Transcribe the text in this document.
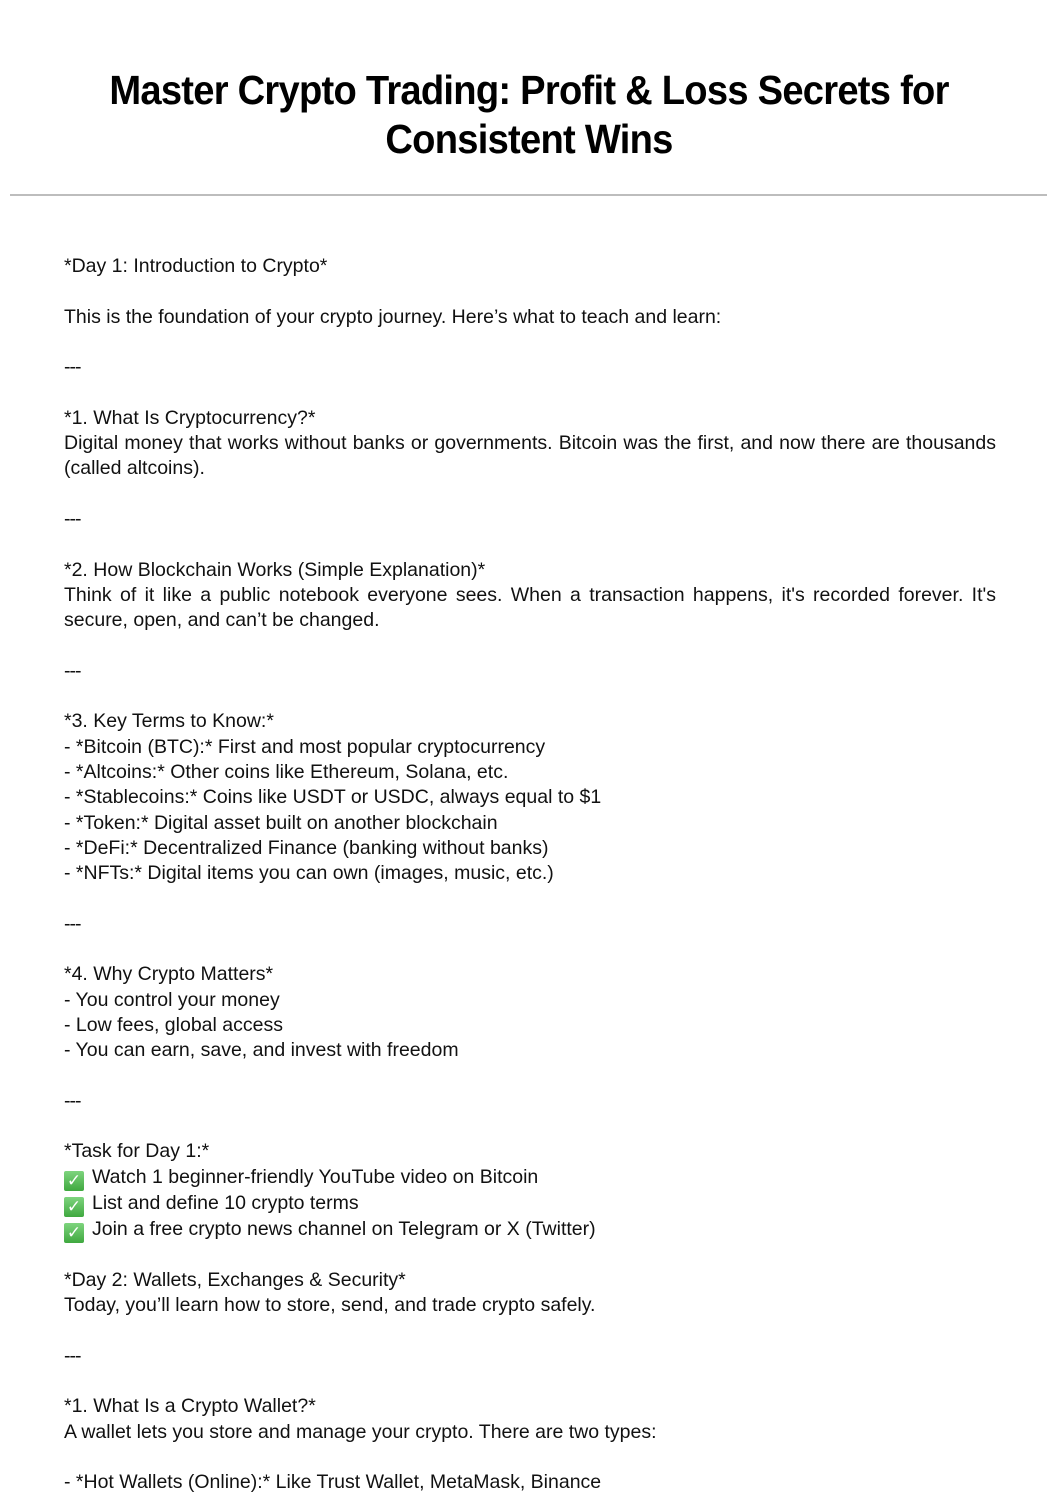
Master Crypto Trading: Profit & Loss Secrets for
Consistent Wins
*Day 1: Introduction to Crypto*
This is the foundation of your crypto journey. Here’s what to teach and learn:
---
*1. What Is Cryptocurrency?*
Digital money that works without banks or governments. Bitcoin was the first, and now there are thousands (called altcoins).
---
*2. How Blockchain Works (Simple Explanation)*
Think of it like a public notebook everyone sees. When a transaction happens, it's recorded forever. It's secure, open, and can’t be changed.
---
*3. Key Terms to Know:*
- *Bitcoin (BTC):* First and most popular cryptocurrency
- *Altcoins:* Other coins like Ethereum, Solana, etc.
- *Stablecoins:* Coins like USDT or USDC, always equal to $1
- *Token:* Digital asset built on another blockchain
- *DeFi:* Decentralized Finance (banking without banks)
- *NFTs:* Digital items you can own (images, music, etc.)
---
*4. Why Crypto Matters*
- You control your money
- Low fees, global access
- You can earn, save, and invest with freedom
---
*Task for Day 1:*
✓ Watch 1 beginner-friendly YouTube video on Bitcoin
✓ List and define 10 crypto terms
✓ Join a free crypto news channel on Telegram or X (Twitter)
*Day 2: Wallets, Exchanges & Security*
Today, you’ll learn how to store, send, and trade crypto safely.
---
*1. What Is a Crypto Wallet?*
A wallet lets you store and manage your crypto. There are two types:
- *Hot Wallets (Online):* Like Trust Wallet, MetaMask, Binance
